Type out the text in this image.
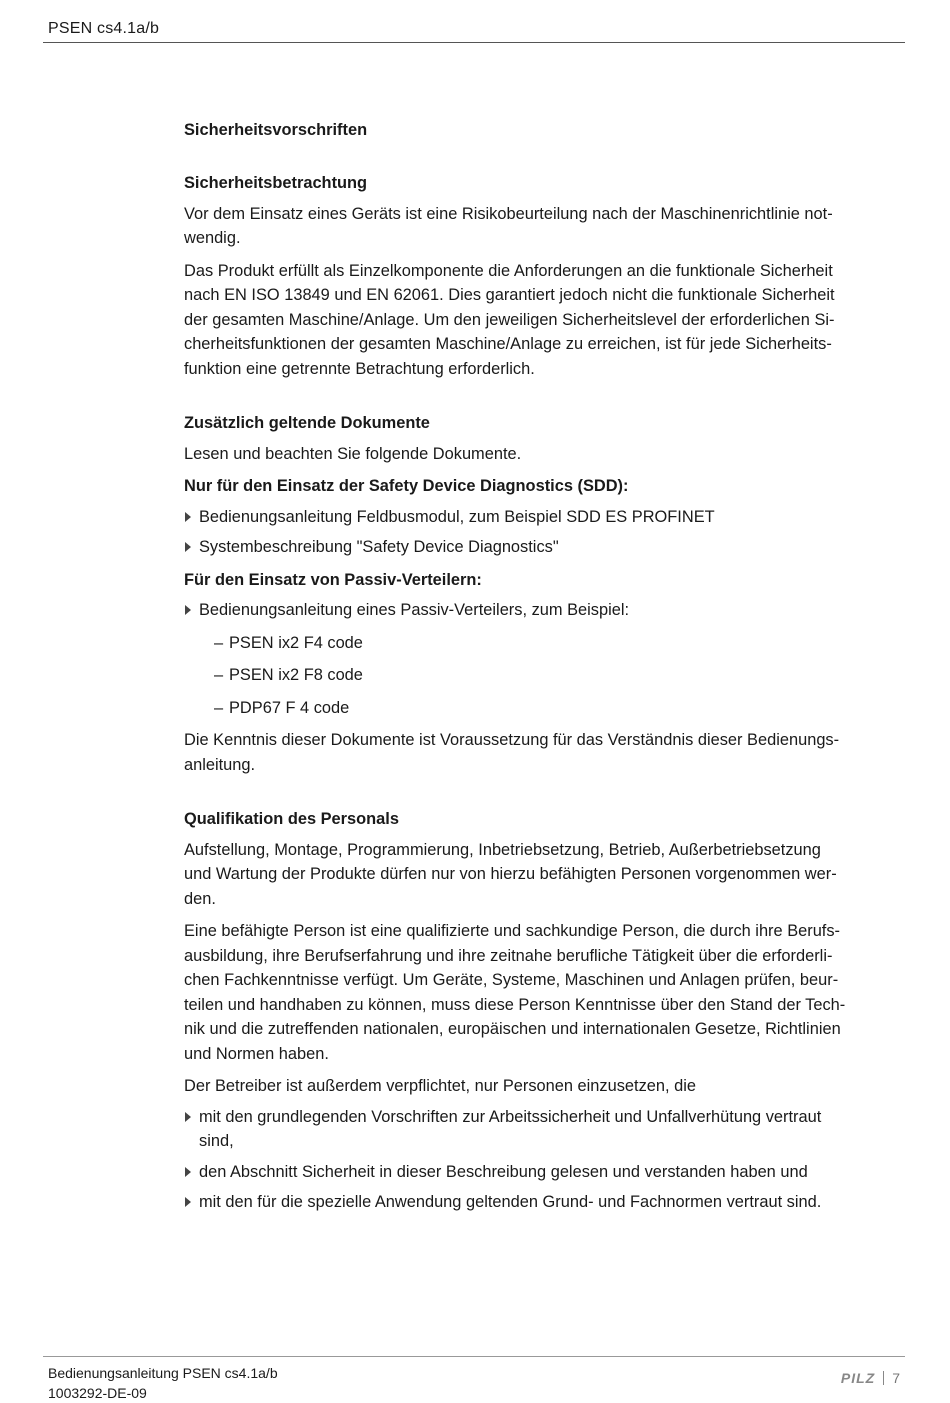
PSEN cs4.1a/b
Sicherheitsvorschriften
Sicherheitsbetrachtung
Vor dem Einsatz eines Geräts ist eine Risikobeurteilung nach der Maschinenrichtlinie not-
wendig.
Das Produkt erfüllt als Einzelkomponente die Anforderungen an die funktionale Sicherheit
nach EN ISO 13849 und EN 62061. Dies garantiert jedoch nicht die funktionale Sicherheit
der gesamten Maschine/Anlage. Um den jeweiligen Sicherheitslevel der erforderlichen Si-
cherheitsfunktionen der gesamten Maschine/Anlage zu erreichen, ist für jede Sicherheits-
funktion eine getrennte Betrachtung erforderlich.
Zusätzlich geltende Dokumente
Lesen und beachten Sie folgende Dokumente.
Nur für den Einsatz der Safety Device Diagnostics (SDD):
Bedienungsanleitung Feldbusmodul, zum Beispiel SDD ES PROFINET
Systembeschreibung "Safety Device Diagnostics"
Für den Einsatz von Passiv-Verteilern:
Bedienungsanleitung eines Passiv-Verteilers, zum Beispiel:
– PSEN ix2 F4 code
– PSEN ix2 F8 code
– PDP67 F 4 code
Die Kenntnis dieser Dokumente ist Voraussetzung für das Verständnis dieser Bedienungs-
anleitung.
Qualifikation des Personals
Aufstellung, Montage, Programmierung, Inbetriebsetzung, Betrieb, Außerbetriebsetzung
und Wartung der Produkte dürfen nur von hierzu befähigten Personen vorgenommen wer-
den.
Eine befähigte Person ist eine qualifizierte und sachkundige Person, die durch ihre Berufs-
ausbildung, ihre Berufserfahrung und ihre zeitnahe berufliche Tätigkeit über die erforderli-
chen Fachkenntnisse verfügt. Um Geräte, Systeme, Maschinen und Anlagen prüfen, beur-
teilen und handhaben zu können, muss diese Person Kenntnisse über den Stand der Tech-
nik und die zutreffenden nationalen, europäischen und internationalen Gesetze, Richtlinien
und Normen haben.
Der Betreiber ist außerdem verpflichtet, nur Personen einzusetzen, die
mit den grundlegenden Vorschriften zur Arbeitssicherheit und Unfallverhütung vertraut
sind,
den Abschnitt Sicherheit in dieser Beschreibung gelesen und verstanden haben und
mit den für die spezielle Anwendung geltenden Grund- und Fachnormen vertraut sind.
Bedienungsanleitung PSEN cs4.1a/b
1003292-DE-09
PILZ 7
